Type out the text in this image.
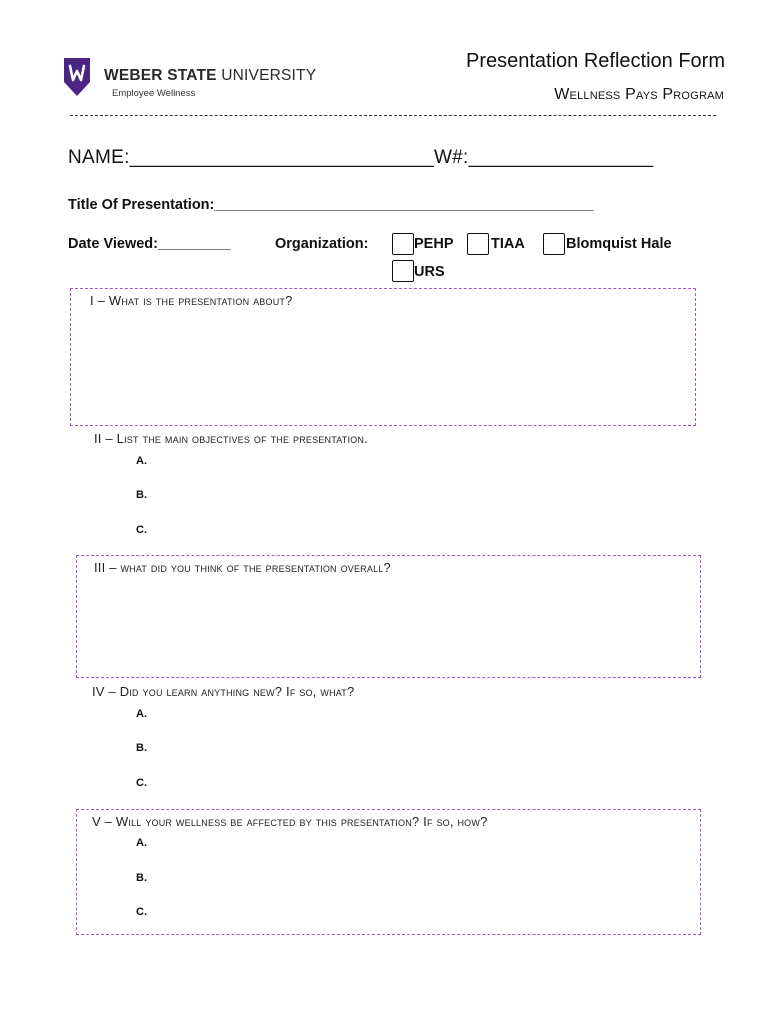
WEBER STATE UNIVERSITY
Employee Wellness
Presentation Reflection Form
Wellness Pays Program
NAME:____________________________W#:_________________
Title Of Presentation:_______________________________________________
Date Viewed:_________	Organization:	PEHP	TIAA	Blomquist Hale
URS
I – What is the presentation about?
II – List the main objectives of the presentation.
A.
B.
C.
III – what did you think of the presentation overall?
IV – Did you learn anything new? If so, what?
A.
B.
C.
V – Will your wellness be affected by this presentation? If so, how?
A.
B.
C.
